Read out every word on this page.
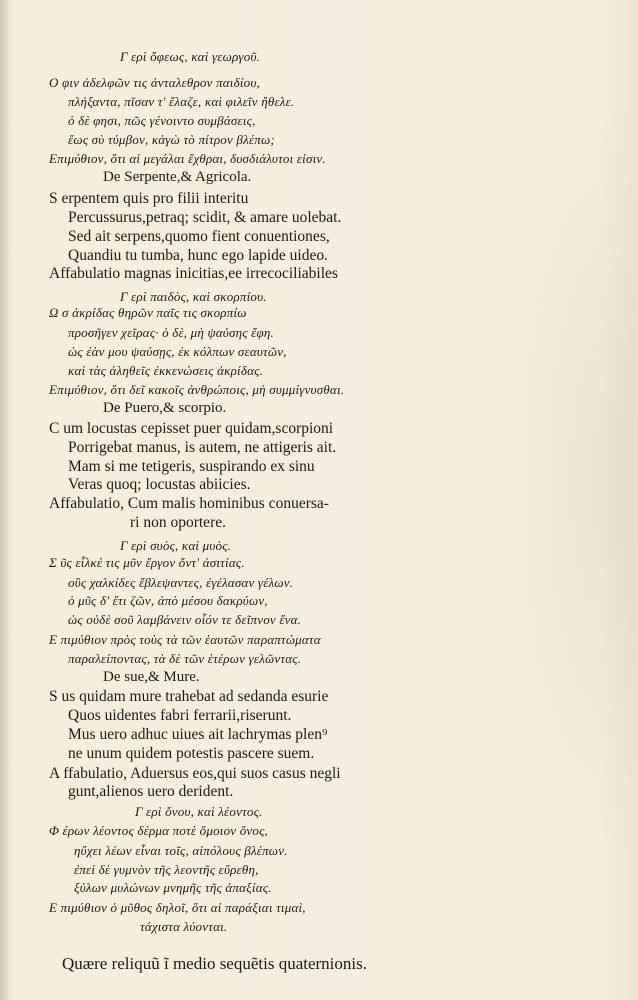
Γ ερὶ ὄφεως, καὶ γεωργοῦ.
Ο φιν ἀδελφῶν τις ἀνταλεθρον παιδίου,
πλήξαντα, πῖσαν τ' ἔλαζε, καὶ φιλεῖν ἤθελε.
ὁ δὲ φησι, πῶς γένοιντο συμβάσεις,
ἕως σὺ τύμβον, κἀγὼ τὸ πίτρον βλέπω;
Επιμύθιον, ὅτι αἱ μεγάλαι ἔχθραι, δυσδιάλυτοι εἰσιν.
De Serpente,& Agricola.
S erpentem quis pro filii interitu
Percussurus,petraq; scidit, & amare uolebat.
Sed ait serpens,quomo fient conuentiones,
Quandiu tu tumba, hunc ego lapide uideo.
Affabulatio magnas inicitias,ee irrecociliabiles
Γ ερὶ παιδὸς, καὶ σκορπίου.
Ω σ ἀκρίδας θηρῶν παῖς τις σκορπίω
προσῆγεν χεῖρας· ὁ δὲ, μὴ ψαύσης ἔφη.
ὡς ἐὰν μου ψαύσῃς, ἐκ κόλπων σεαυτῶν,
καὶ τὰς ἀληθεῖς ἐκκενώσεις ἀκρίδας.
Επιμύθιον, ὅτι δεῖ κακοῖς ἀνθρώποις, μὴ συμμίγνυσθαι.
De Puero,& scorpio.
C um locustas cepisset puer quidam,scorpioni
Porrigebat manus, is autem, ne attigeris ait.
Mam si me tetigeris, suspirando ex sinu
Veras quoq; locustas abiicies.
Affabulatio, Cum malis hominibus conuersa-
ri non oportere.
Γ ερὶ συὸς, καὶ μυὸς.
Σ ῦς εἷλκέ τις μῦν ἔργον ὄντ' ἀσιτίας.
οὓς χαλκίδες ἔβλεψαντες, ἐγέλασαν γέλων.
ὁ μῦς δ' ἔτι ζῶν, ἀπὸ μέσου δακρύων,
ὡς οὐδὲ σοῦ λαμβάνειν οἷόν τε δεῖπνον ἕνα.
Ε πιμύθιον πρὸς τοὺς τὰ τῶν ἑαυτῶν παραπτώματα
παραλείποντας, τὰ δὲ τῶν ἑτέρων γελῶντας.
De sue,& Mure.
S us quidam mure trahebat ad sedanda esurie
Quos uidentes fabri ferrarii,riserunt.
Mus uero adhuc uiues ait lachrymas plen⁹
ne unum quidem potestis pascere suem.
A ffabulatio, Aduersus eos,qui suos casus negli
gunt,alienos uero derident.
Γ ερὶ ὄνου, καὶ λέοντος.
Φ έρων λέοντος δέρμα ποτὲ ὅμοιον ὄνος,
ηὔχει λέων εἶναι τοῖς, αἰπόλους βλέπων.
ἐπεὶ δὲ γυμνὸν τῆς λεοντῆς εὕρεθη,
ξύλων μυλώνων μνημῆς τῆς ἀπαξίας.
Ε πιμύθιον ὁ μῦθος δηλοῖ, ὅτι αἱ παράξιαι τιμαὶ,
τάχιστα λύονται.
Quære reliquũ ĩ medio sequẽtis quaternionis.
